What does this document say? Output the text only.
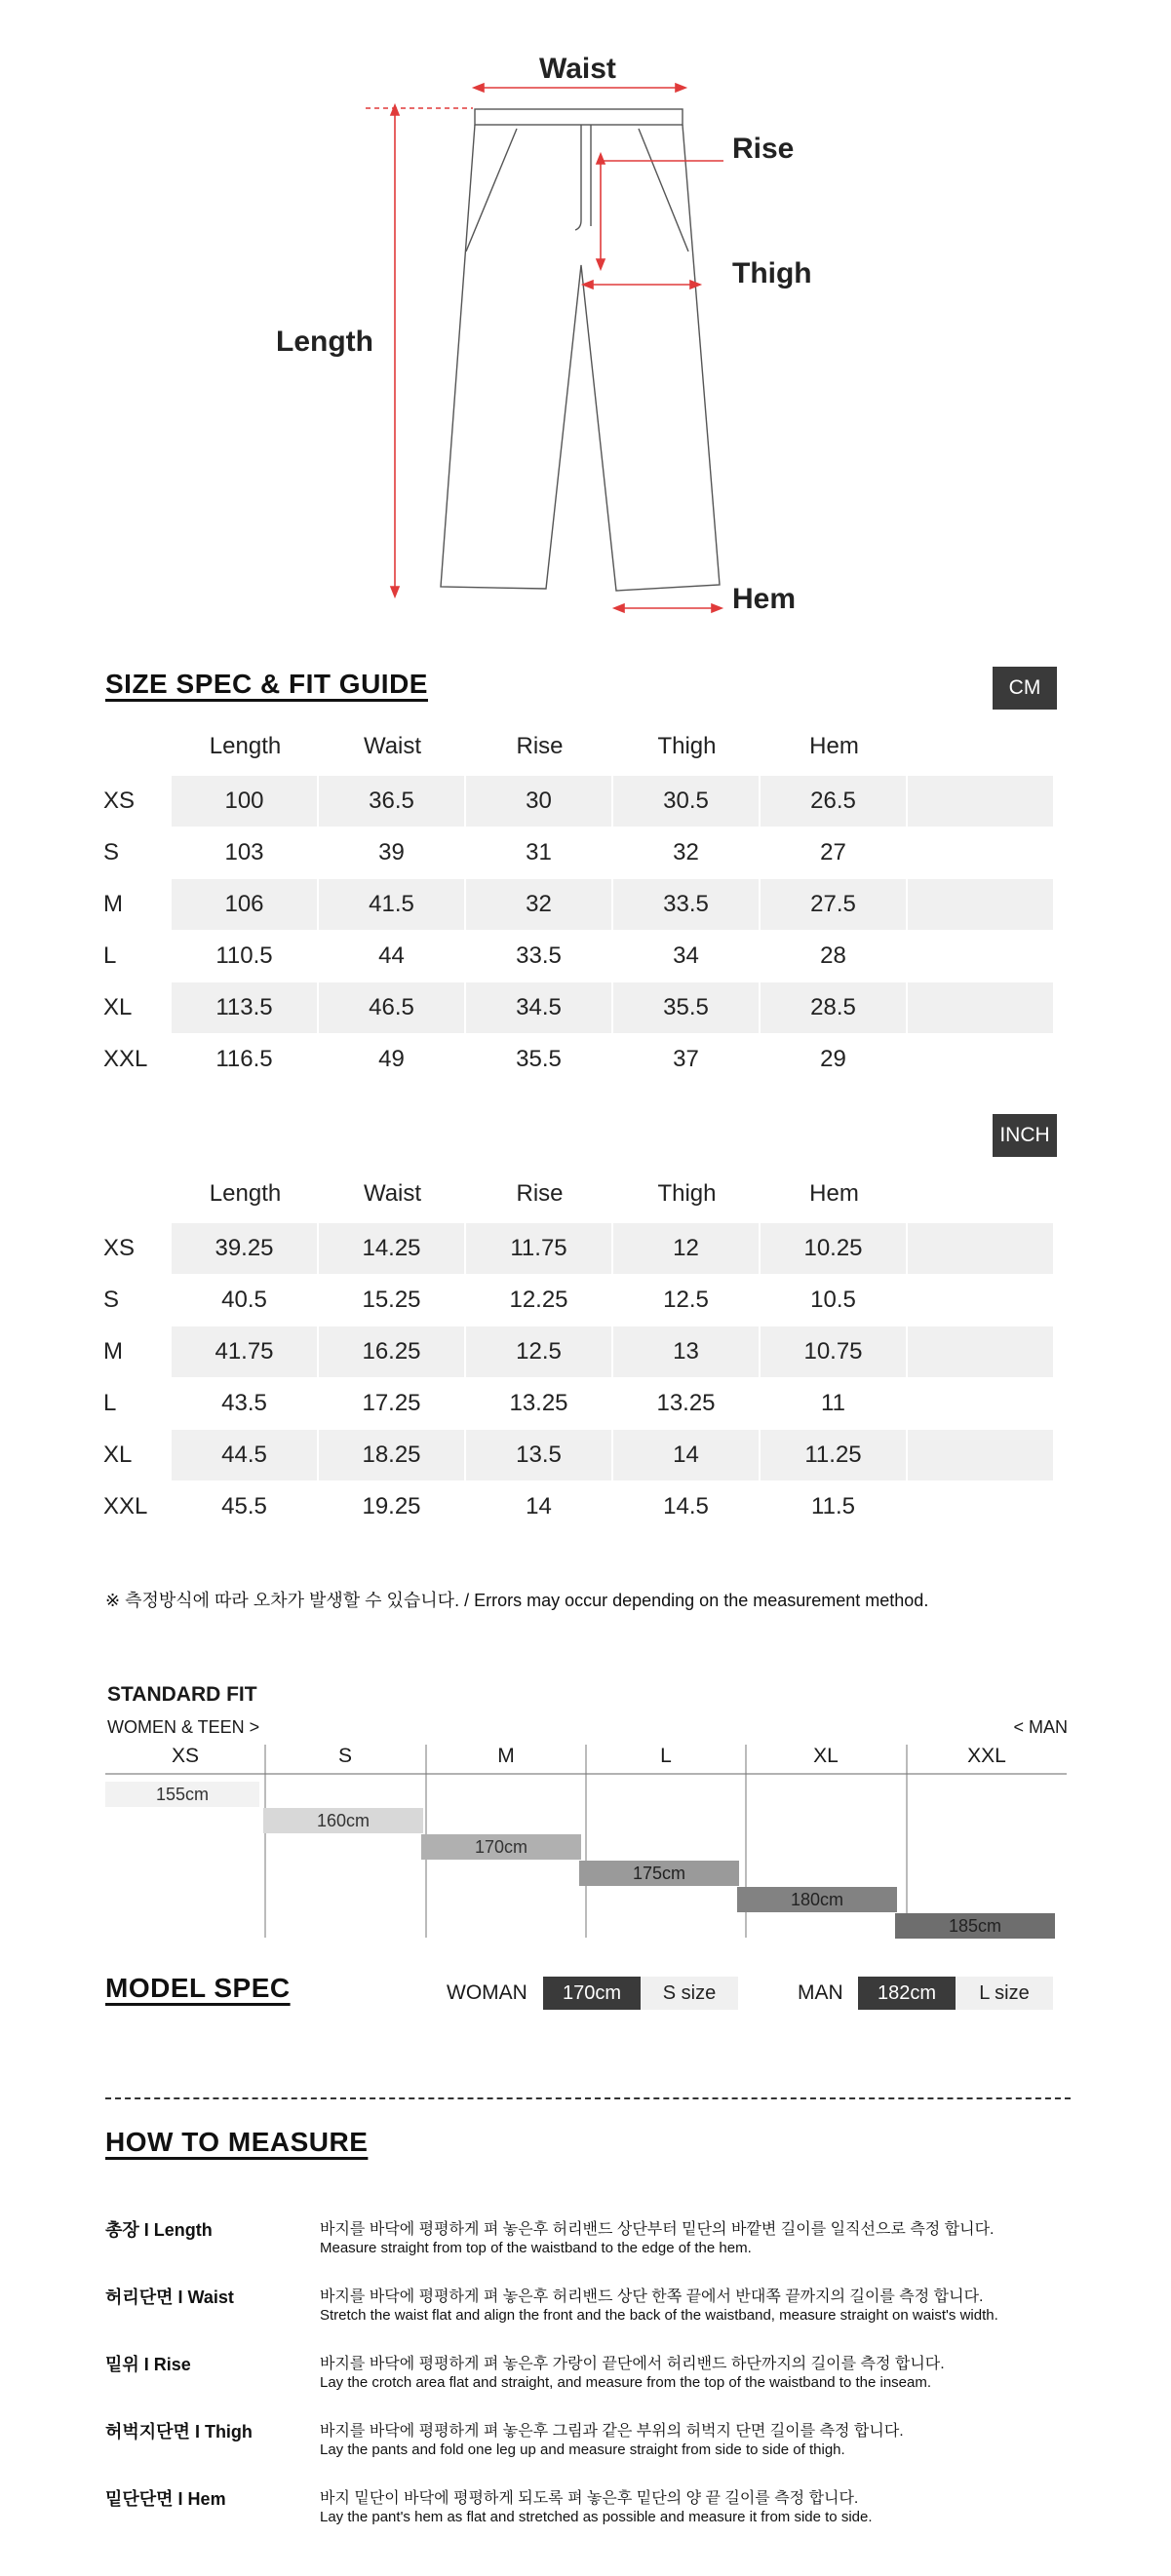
Waist
Rise
Thigh
Length
Hem
SIZE SPEC & FIT GUIDE	CM
Length	Waist	Rise	Thigh	Hem
XS	100	36.5	30	30.5	26.5
S	103	39	31	32	27
M	106	41.5	32	33.5	27.5
L	110.5	44	33.5	34	28
XL	113.5	46.5	34.5	35.5	28.5
XXL	116.5	49	35.5	37	29
INCH
Length	Waist	Rise	Thigh	Hem
XS	39.25	14.25	11.75	12	10.25
S	40.5	15.25	12.25	12.5	10.5
M	41.75	16.25	12.5	13	10.75
L	43.5	17.25	13.25	13.25	11
XL	44.5	18.25	13.5	14	11.25
XXL	45.5	19.25	14	14.5	11.5
※ 측정방식에 따라 오차가 발생할 수 있습니다. / Errors may occur depending on the measurement method.
STANDARD FIT
WOMEN & TEEN >	< MAN
XS	S	M	L	XL	XXL
155cm
160cm
170cm
175cm
180cm
185cm
MODEL SPEC	WOMAN	170cm	S size	MAN	182cm	L size
HOW TO MEASURE
총장 I Length	바지를 바닥에 평평하게 펴 놓은후 허리밴드 상단부터 밑단의 바깥변 길이를 일직선으로 측정 합니다.
Measure straight from top of the waistband to the edge of the hem.
허리단면 I Waist	바지를 바닥에 평평하게 펴 놓은후 허리밴드 상단 한쪽 끝에서 반대쪽 끝까지의 길이를 측정 합니다.
Stretch the waist flat and align the front and the back of the waistband, measure straight on waist's width.
밑위 I Rise	바지를 바닥에 평평하게 펴 놓은후 가랑이 끝단에서 허리밴드 하단까지의 길이를 측정 합니다.
Lay the crotch area flat and straight, and measure from the top of the waistband to the inseam.
허벅지단면 I Thigh	바지를 바닥에 평평하게 펴 놓은후 그림과 같은 부위의 허벅지 단면 길이를 측정 합니다.
Lay the pants and fold one leg up and measure straight from side to side of thigh.
밑단단면 I Hem	바지 밑단이 바닥에 평평하게 되도록 펴 놓은후 밑단의 양 끝 길이를 측정 합니다.
Lay the pant's hem as flat and stretched as possible and measure it from side to side.
